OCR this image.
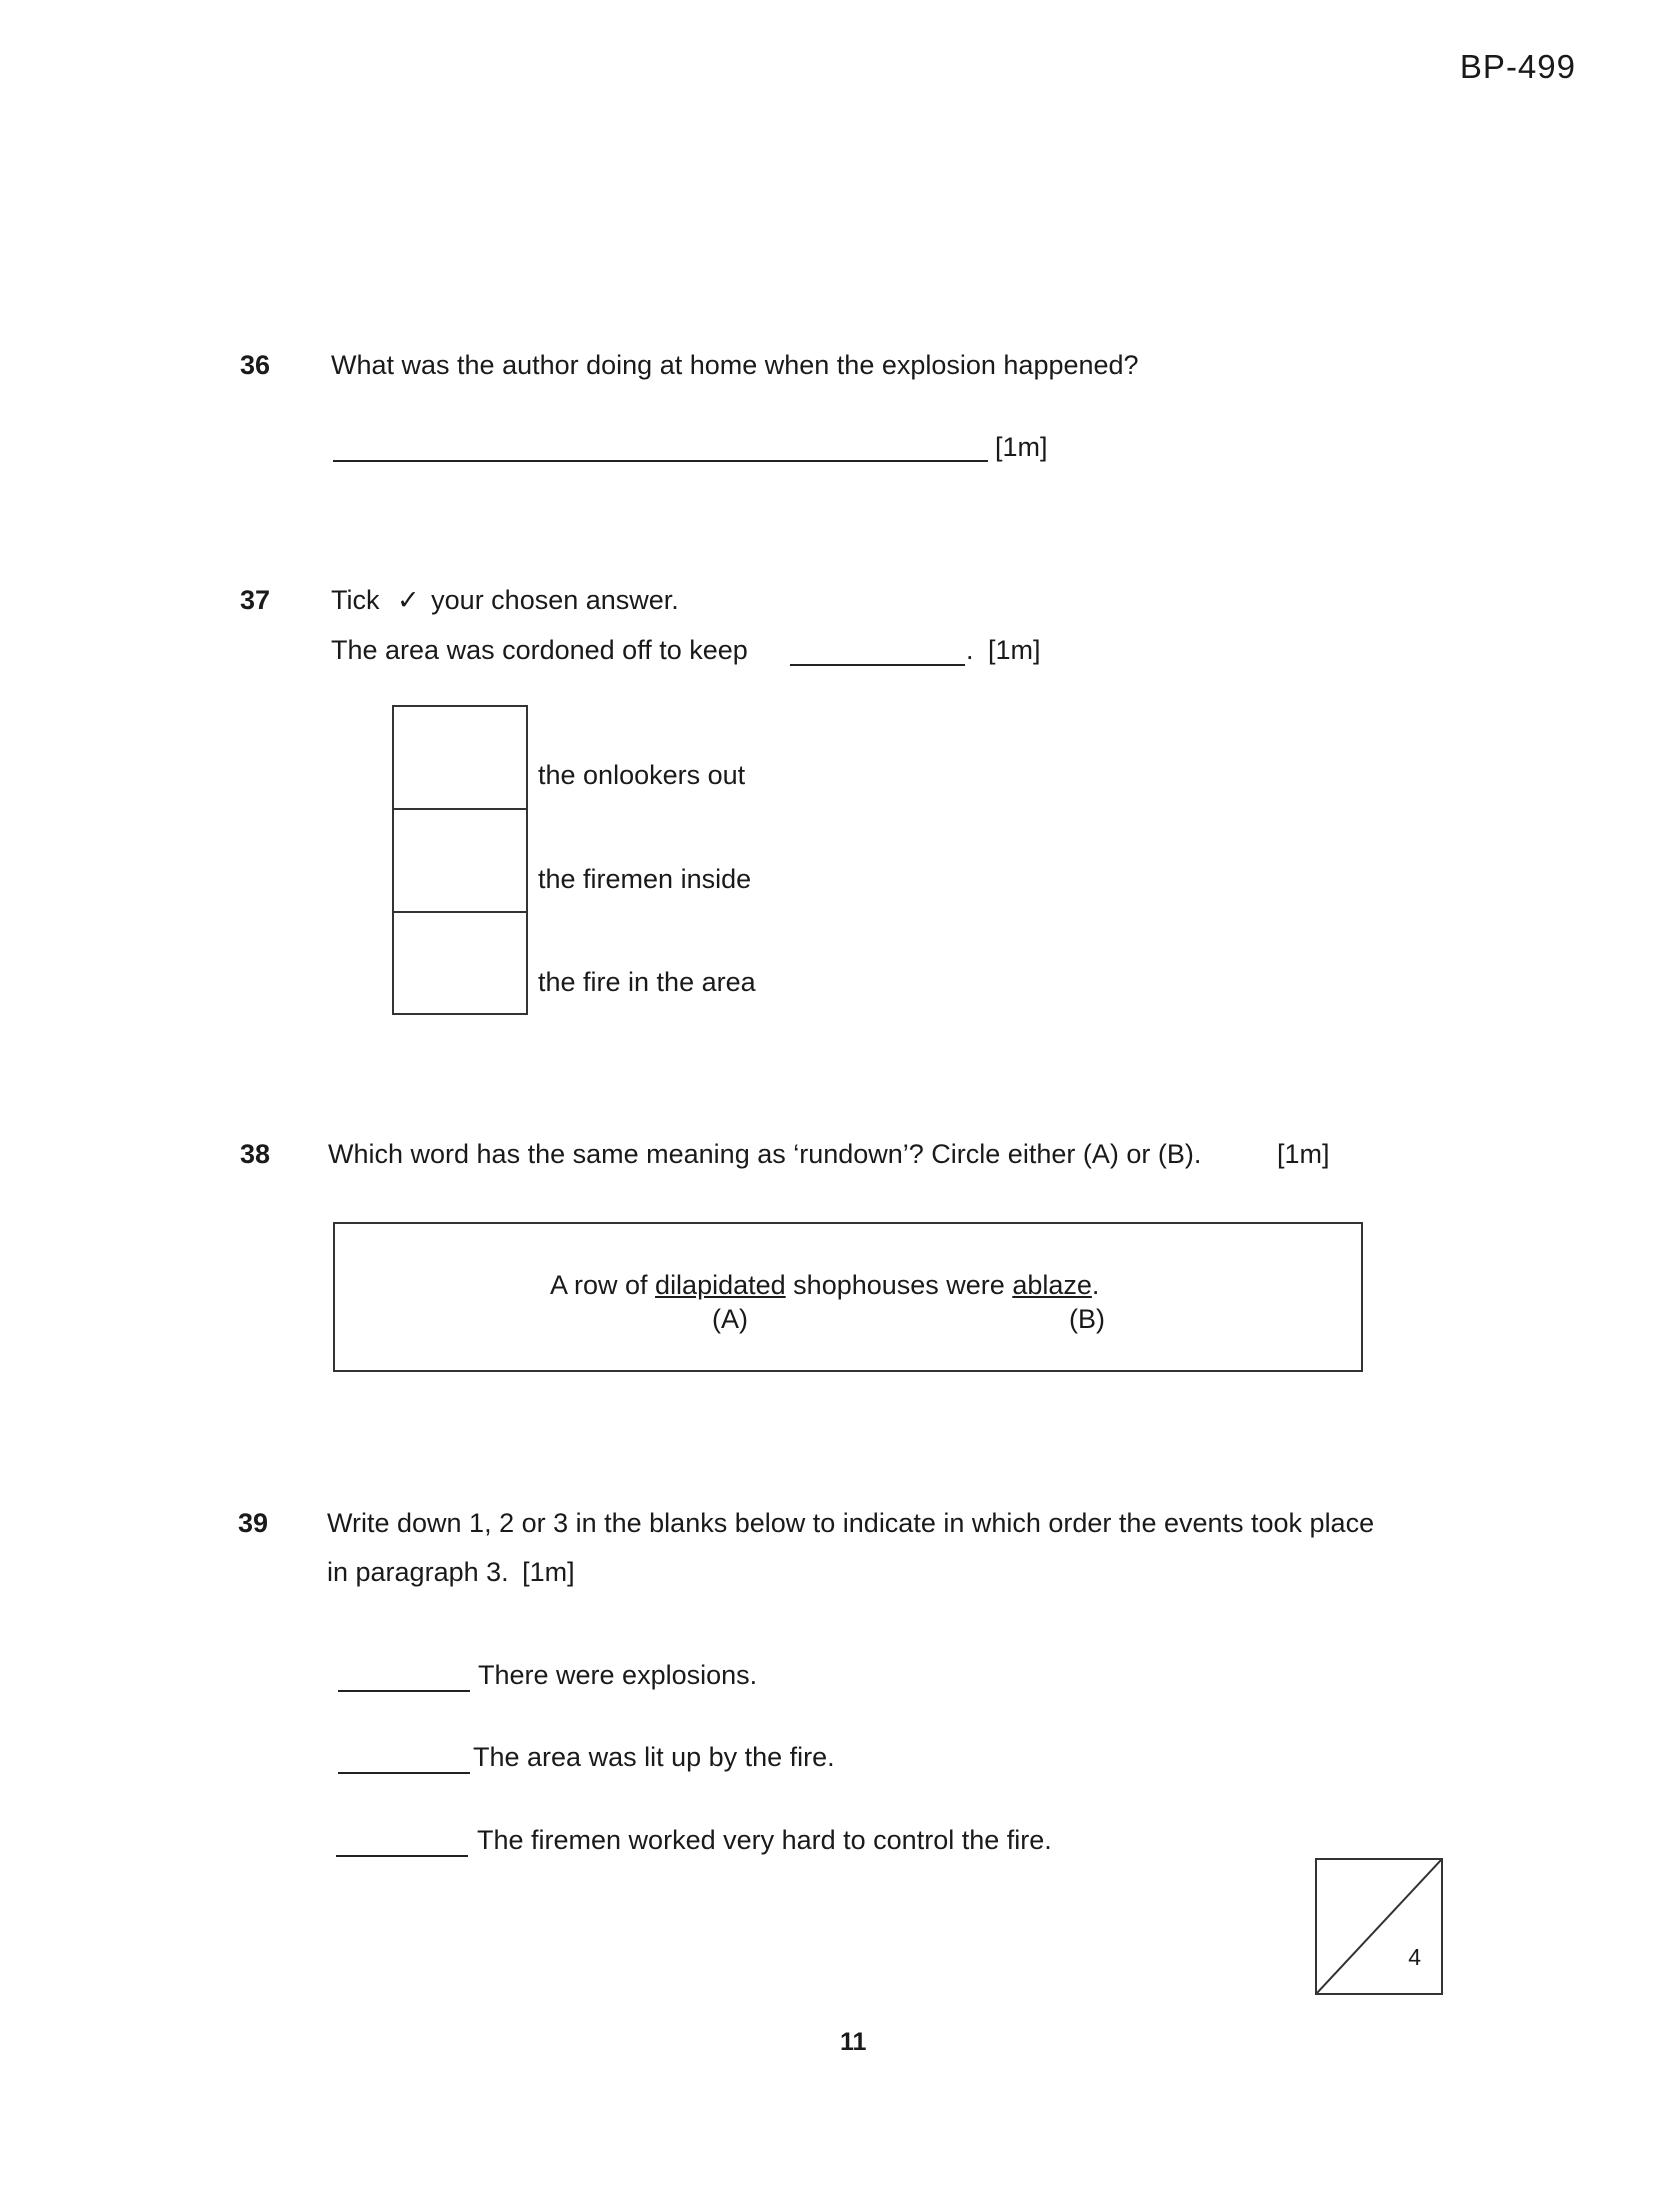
BP-499
36 What was the author doing at home when the explosion happened?
[1m]
37 Tick ✓ your chosen answer.
The area was cordoned off to keep	. [1m]
the onlookers out
the firemen inside
the fire in the area
38 Which word has the same meaning as ‘rundown’? Circle either (A) or (B).	[1m]
A row of dilapidated shophouses were ablaze.
(A)	(B)
39 Write down 1, 2 or 3 in the blanks below to indicate in which order the events took place
in paragraph 3. [1m]
There were explosions.
The area was lit up by the fire.
The firemen worked very hard to control the fire.
4
11
